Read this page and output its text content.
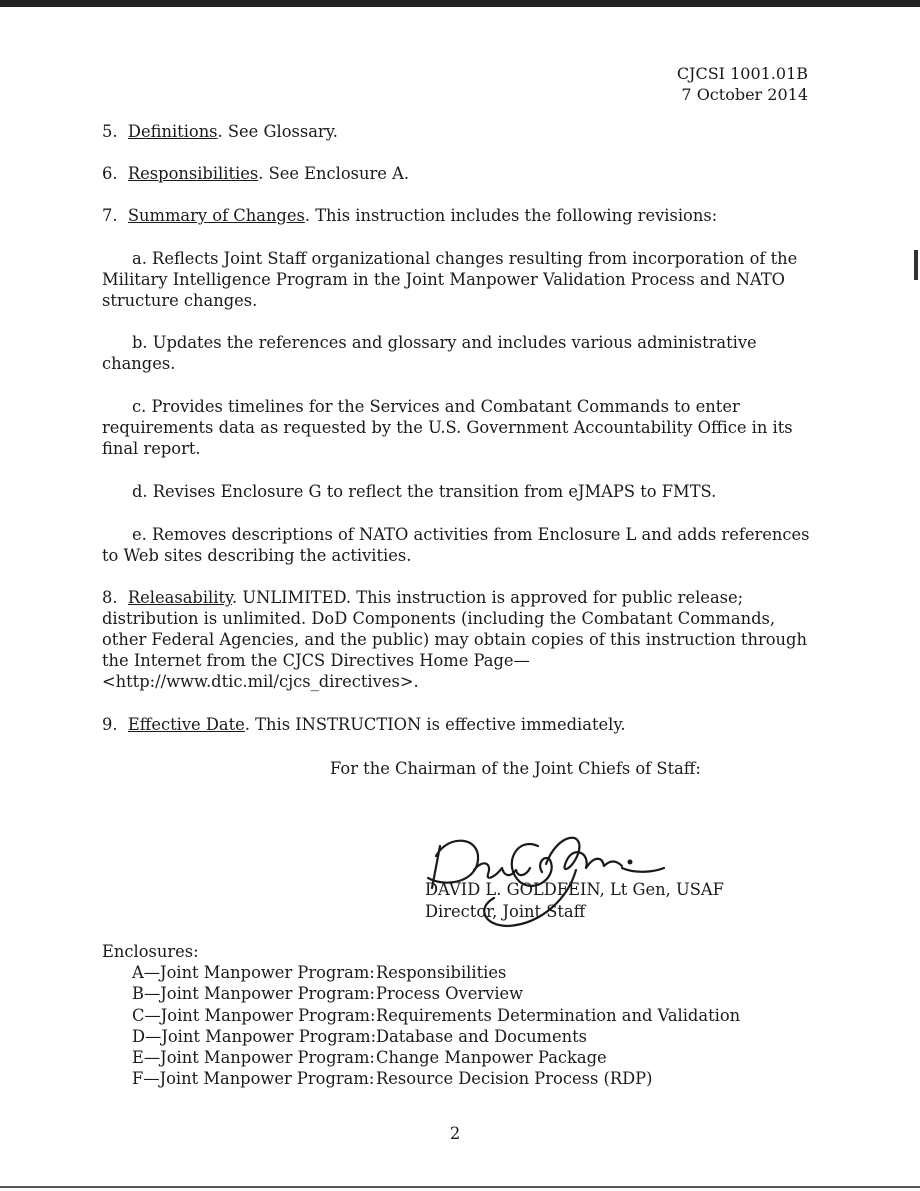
CJCSI 1001.01B
7 October 2014
5. Definitions. See Glossary.
6. Responsibilities. See Enclosure A.
7. Summary of Changes. This instruction includes the following revisions:
a. Reflects Joint Staff organizational changes resulting from incorporation of the Military Intelligence Program in the Joint Manpower Validation Process and NATO structure changes.
b. Updates the references and glossary and includes various administrative changes.
c. Provides timelines for the Services and Combatant Commands to enter requirements data as requested by the U.S. Government Accountability Office in its final report.
d. Revises Enclosure G to reflect the transition from eJMAPS to FMTS.
e. Removes descriptions of NATO activities from Enclosure L and adds references to Web sites describing the activities.
8. Releasability. UNLIMITED. This instruction is approved for public release; distribution is unlimited. DoD Components (including the Combatant Commands, other Federal Agencies, and the public) may obtain copies of this instruction through the Internet from the CJCS Directives Home Page—<http://www.dtic.mil/cjcs_directives>.
9. Effective Date. This INSTRUCTION is effective immediately.
For the Chairman of the Joint Chiefs of Staff:
DAVID L. GOLDFEIN, Lt Gen, USAF
Director, Joint Staff
Enclosures:
A—Joint Manpower Program: Responsibilities
B—Joint Manpower Program: Process Overview
C—Joint Manpower Program: Requirements Determination and Validation
D—Joint Manpower Program: Database and Documents
E—Joint Manpower Program: Change Manpower Package
F—Joint Manpower Program: Resource Decision Process (RDP)
2
